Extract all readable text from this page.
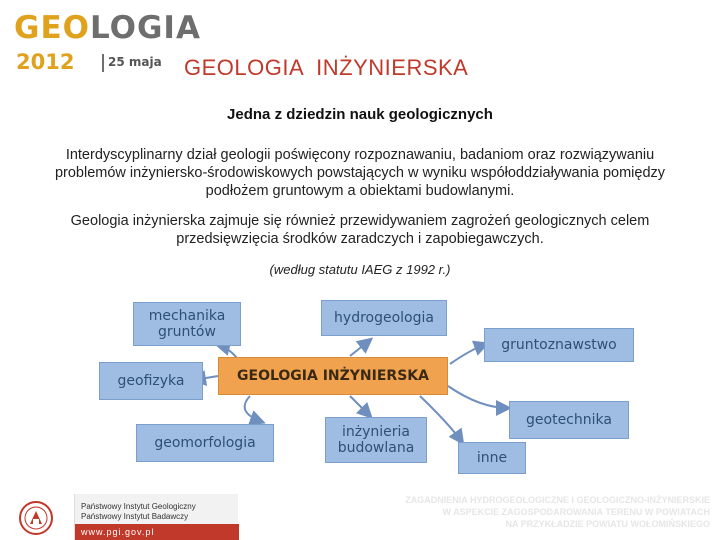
GEOLOGIA
2012	25 maja GEOLOGIA  INŻYNIERSKA
Jedna z dziedzin nauk geologicznych
Interdyscyplinarny dział geologii poświęcony rozpoznawaniu, badaniom oraz rozwiązywaniu problemów inżyniersko-środowiskowych powstających w wyniku współoddziaływania pomiędzy podłożem gruntowym a obiektami budowlanymi.
Geologia inżynierska zajmuje się również przewidywaniem zagrożeń geologicznych celem przedsięwzięcia środków zaradczych i zapobiegawczych.
(według statutu IAEG z 1992 r.)
mechanika
gruntów
hydrogeologia
gruntoznawstwo
geofizyka	GEOLOGIA INŻYNIERSKA
geotechnika
geomorfologia
inżynieria
budowlana
inne
Państwowy Instytut Geologiczny
Państwowy Instytut Badawczy
www.pgi.gov.pl
ZAGADNIENIA HYDROGEOLOGICZNE I GEOLOGICZNO-INŻYNIERSKIE
W ASPEKCIE ZAGOSPODAROWANIA TERENU W POWIATACH
NA PRZYKŁADZIE POWIATU WOŁOMIŃSKIEGO
